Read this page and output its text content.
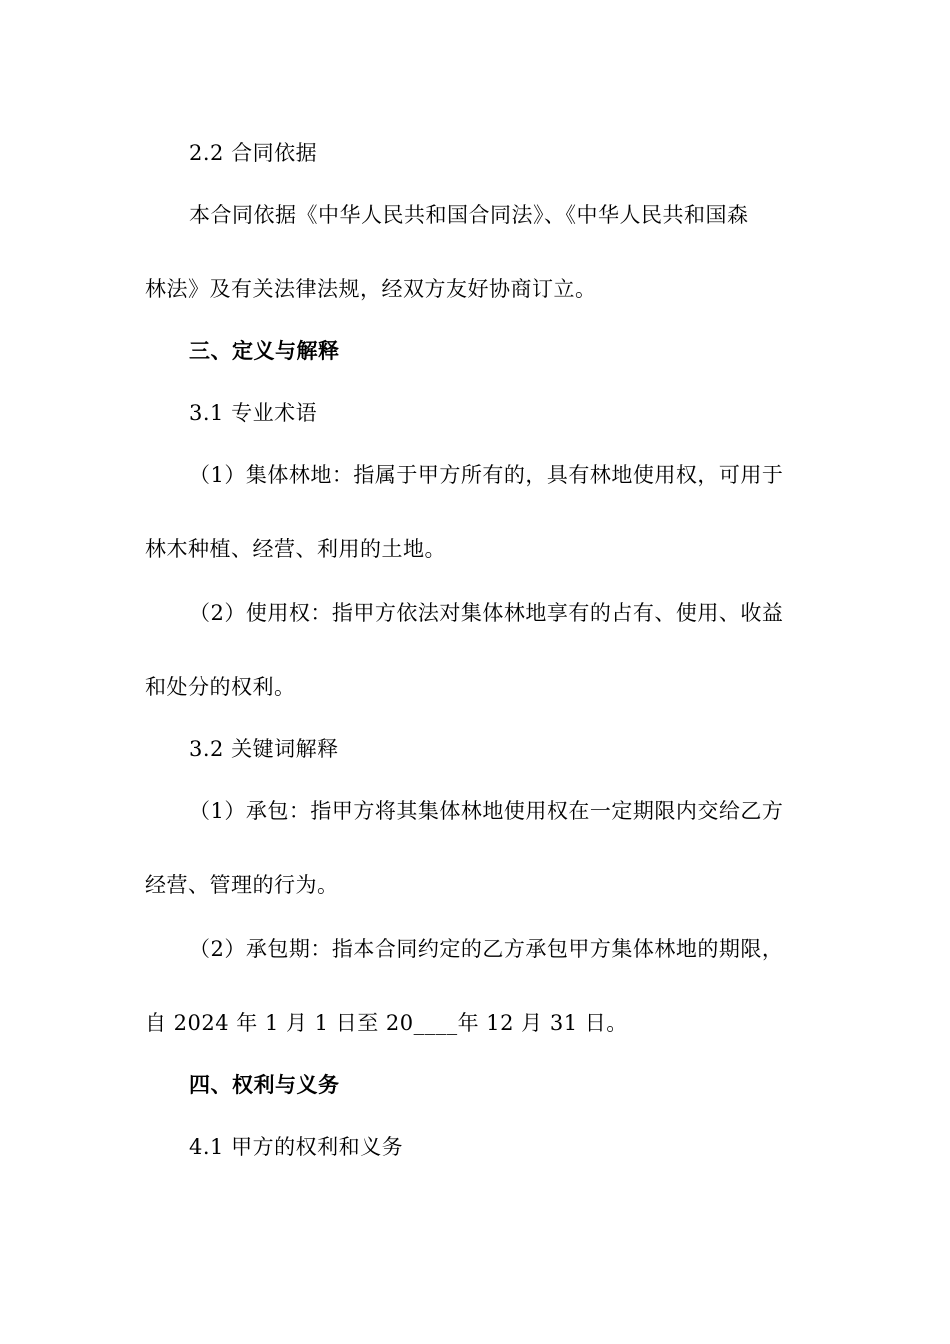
2.2 合同依据
本合同依据《中华人民共和国合同法》、《中华人民共和国森
林法》及有关法律法规，经双方友好协商订立。
三、定义与解释
3.1 专业术语
（1）集体林地：指属于甲方所有的，具有林地使用权，可用于
林木种植、经营、利用的土地。
（2）使用权：指甲方依法对集体林地享有的占有、使用、收益
和处分的权利。
3.2 关键词解释
（1）承包：指甲方将其集体林地使用权在一定期限内交给乙方
经营、管理的行为。
（2）承包期：指本合同约定的乙方承包甲方集体林地的期限，
自 2024 年 1 月 1 日至 20____年 12 月 31 日。
四、权利与义务
4.1 甲方的权利和义务
